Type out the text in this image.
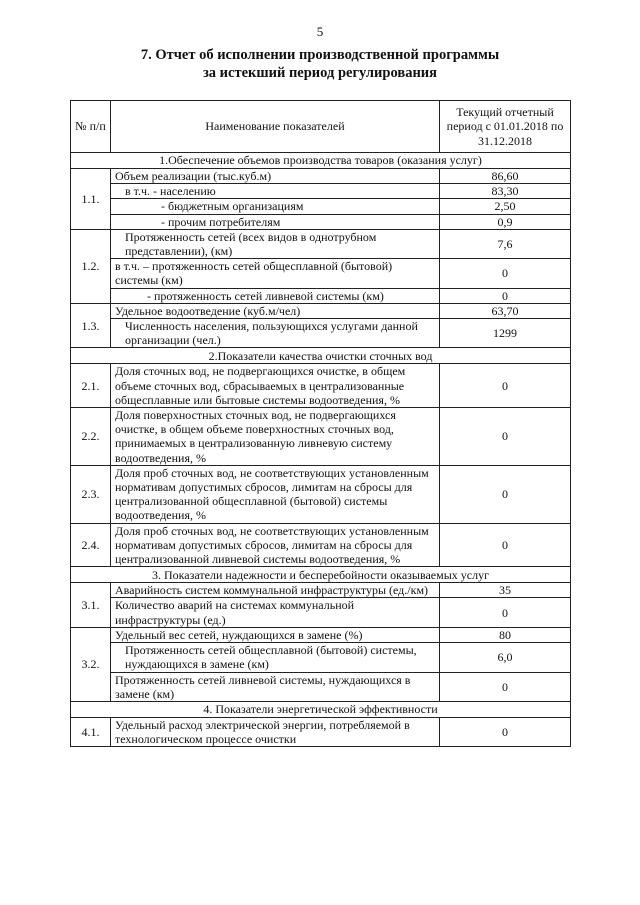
5
7. Отчет об исполнении производственной программы
за истекший период регулирования
№ п/п	Наименование показателей	Текущий отчетный период с 01.01.2018 по 31.12.2018
1.Обеспечение объемов производства товаров (оказания услуг)		
1.1.	Объем реализации (тыс.куб.м)	86,60
	в т.ч. - населению	83,30
	- бюджетным организациям	2,50
	- прочим потребителям	0,9
1.2.	Протяженность сетей (всех видов в однотрубном представлении), (км)	7,6
	в т.ч. – протяженность сетей общесплавной (бытовой) системы (км)	0
	- протяженность сетей ливневой системы (км)	0
1.3.	Удельное водоотведение (куб.м/чел)	63,70
	Численность населения, пользующихся услугами данной организации (чел.)	1299
2.Показатели качества очистки сточных вод		
2.1.	Доля сточных вод, не подвергающихся очистке, в общем объеме сточных вод, сбрасываемых в централизованные общесплавные или бытовые системы водоотведения, %	0
2.2.	Доля поверхностных сточных вод, не подвергающихся очистке, в общем объеме поверхностных сточных вод, принимаемых в централизованную ливневую систему водоотведения, %	0
2.3.	Доля проб сточных вод, не соответствующих установленным нормативам допустимых сбросов, лимитам на сбросы для централизованной общесплавной (бытовой) системы водоотведения, %	0
2.4.	Доля проб сточных вод, не соответствующих установленным нормативам допустимых сбросов, лимитам на сбросы для централизованной ливневой системы водоотведения, %	0
3. Показатели надежности и бесперебойности оказываемых услуг		
3.1.	Аварийность систем коммунальной инфраструктуры (ед./км)	35
	Количество аварий на системах коммунальной инфраструктуры (ед.)	0
3.2.	Удельный вес сетей, нуждающихся в замене (%)	80
	Протяженность сетей общесплавной (бытовой) системы, нуждающихся в замене (км)	6,0
	Протяженность сетей ливневой системы, нуждающихся в замене (км)	0
4. Показатели энергетической эффективности		
4.1.	Удельный расход электрической энергии, потребляемой в технологическом процессе очистки	0
